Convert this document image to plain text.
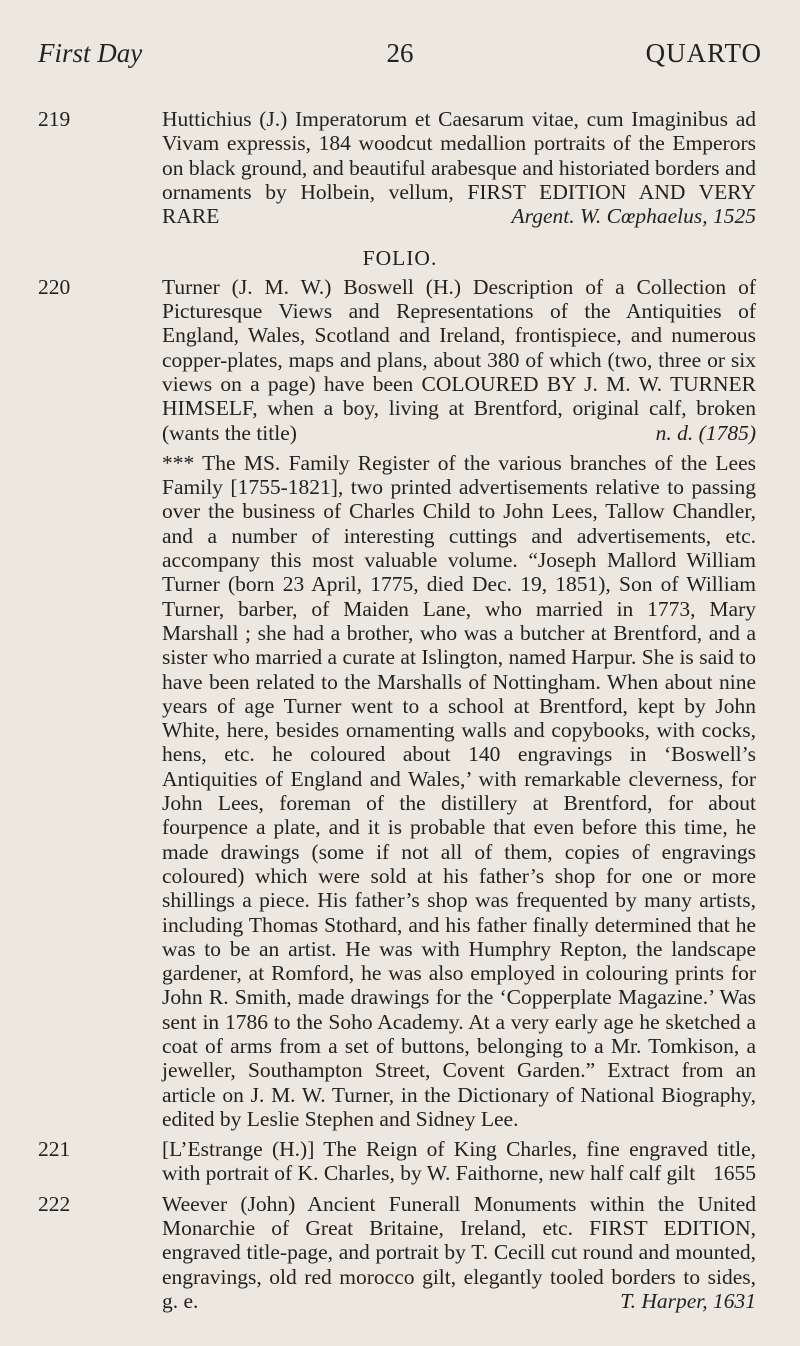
First Day	26	QUARTO
219	Huttichius (J.) Imperatorum et Caesarum vitae, cum Imaginibus ad Vivam expressis, 184 woodcut medallion portraits of the Emperors on black ground, and beautiful arabesque and historiated borders and ornaments by Holbein, vellum, FIRST EDITION AND VERY RARE	Argent. W. Cœphaelus, 1525
FOLIO.
220	Turner (J. M. W.) Boswell (H.) Description of a Collection of Picturesque Views and Representations of the Antiquities of England, Wales, Scotland and Ireland, frontispiece, and numerous copper-plates, maps and plans, about 380 of which (two, three or six views on a page) have been COLOURED BY J. M. W. TURNER HIMSELF, when a boy, living at Brentford, original calf, broken (wants the title)	n. d. (1785)
*** The MS. Family Register of the various branches of the Lees Family [1755-1821], two printed advertisements relative to passing over the business of Charles Child to John Lees, Tallow Chandler, and a number of interesting cuttings and advertisements, etc. accompany this most valuable volume. “Joseph Mallord William Turner (born 23 April, 1775, died Dec. 19, 1851), Son of William Turner, barber, of Maiden Lane, who married in 1773, Mary Marshall ; she had a brother, who was a butcher at Brentford, and a sister who married a curate at Islington, named Harpur. She is said to have been related to the Marshalls of Nottingham. When about nine years of age Turner went to a school at Brentford, kept by John White, here, besides ornamenting walls and copybooks, with cocks, hens, etc. he coloured about 140 engravings in ‘Boswell’s Antiquities of England and Wales,’ with remarkable cleverness, for John Lees, foreman of the distillery at Brentford, for about fourpence a plate, and it is probable that even before this time, he made drawings (some if not all of them, copies of engravings coloured) which were sold at his father’s shop for one or more shillings a piece. His father’s shop was frequented by many artists, including Thomas Stothard, and his father finally determined that he was to be an artist. He was with Humphry Repton, the landscape gardener, at Romford, he was also employed in colouring prints for John R. Smith, made drawings for the ‘Copperplate Magazine.’ Was sent in 1786 to the Soho Academy. At a very early age he sketched a coat of arms from a set of buttons, belonging to a Mr. Tomkison, a jeweller, Southampton Street, Covent Garden.” Extract from an article on J. M. W. Turner, in the Dictionary of National Biography, edited by Leslie Stephen and Sidney Lee.
221	[L’Estrange (H.)] The Reign of King Charles, fine engraved title, with portrait of K. Charles, by W. Faithorne, new half calf gilt 1655
222	Weever (John) Ancient Funerall Monuments within the United Monarchie of Great Britaine, Ireland, etc. FIRST EDITION, engraved title-page, and portrait by T. Cecill cut round and mounted, engravings, old red morocco gilt, elegantly tooled borders to sides, g. e.	T. Harper, 1631
